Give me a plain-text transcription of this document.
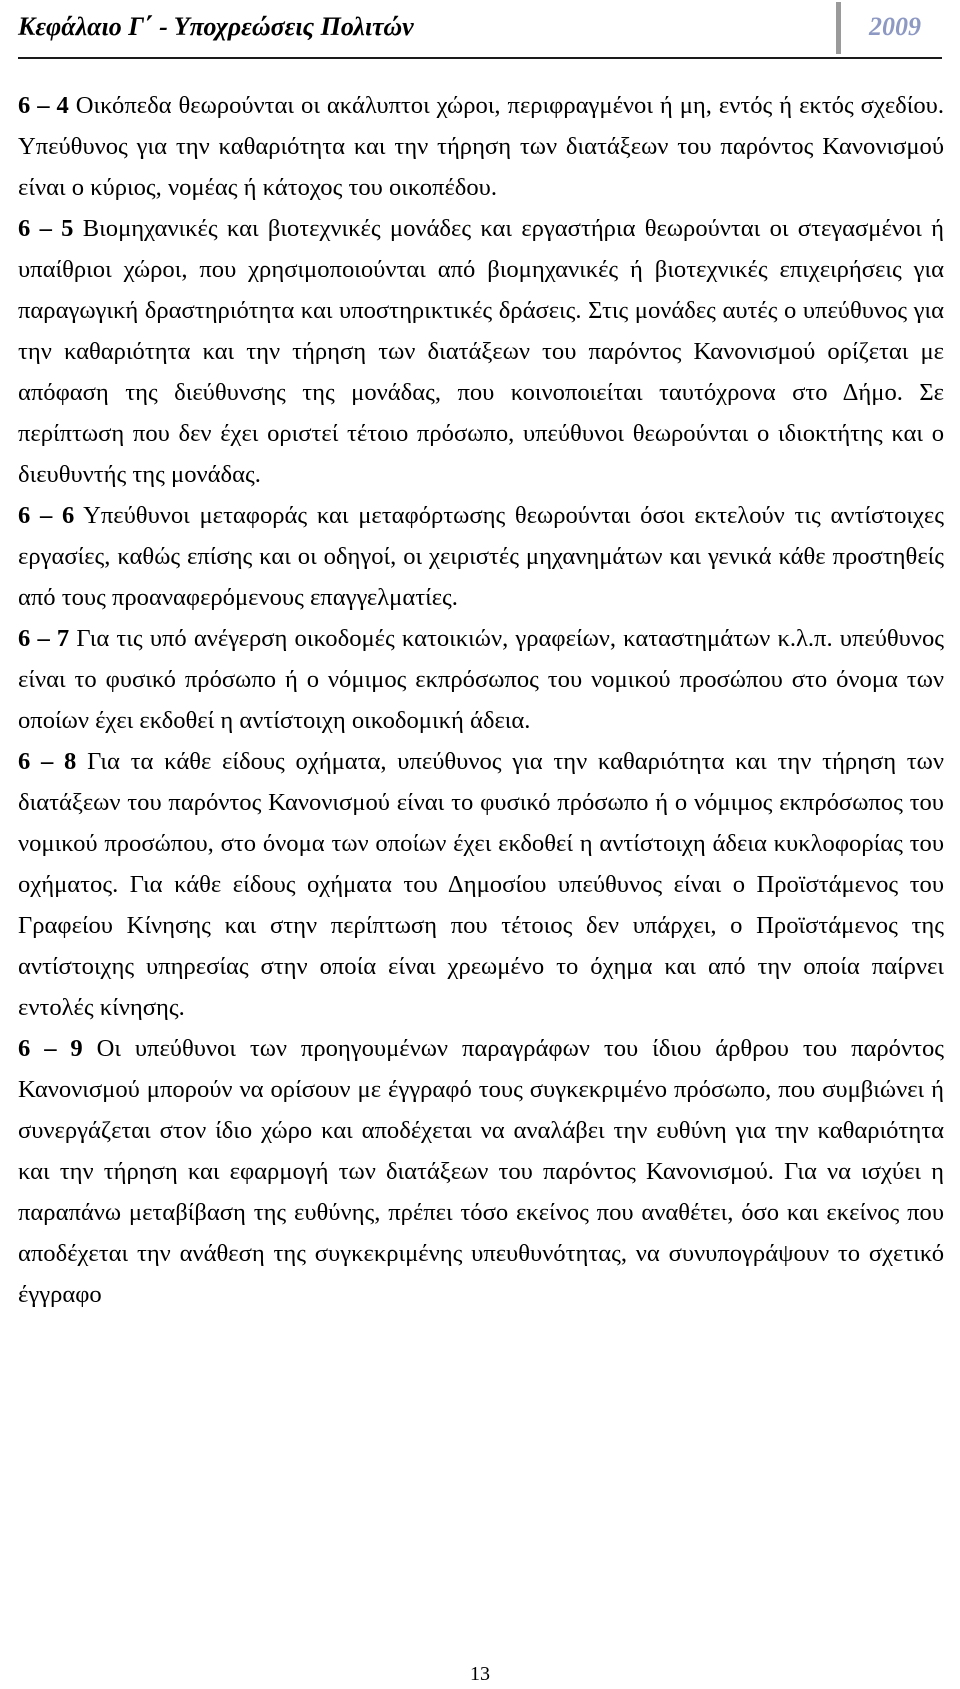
Κεφάλαιο Γ΄ - Υποχρεώσεις Πολιτών	2009

6 – 4 Οικόπεδα θεωρούνται οι ακάλυπτοι χώροι, περιφραγμένοι ή μη, εντός ή εκτός σχεδίου. Υπεύθυνος για την καθαριότητα και την τήρηση των διατάξεων του παρόντος Κανονισμού είναι ο κύριος, νομέας ή κάτοχος του οικοπέδου.

6 – 5 Βιομηχανικές και βιοτεχνικές μονάδες και εργαστήρια θεωρούνται οι στεγασμένοι ή υπαίθριοι χώροι, που χρησιμοποιούνται από βιομηχανικές ή βιοτεχνικές επιχειρήσεις για παραγωγική δραστηριότητα και υποστηρικτικές δράσεις. Στις μονάδες αυτές ο υπεύθυνος για την καθαριότητα και την τήρηση των διατάξεων του παρόντος Κανονισμού ορίζεται με απόφαση της διεύθυνσης της μονάδας, που κοινοποιείται ταυτόχρονα στο Δήμο. Σε περίπτωση που δεν έχει οριστεί τέτοιο πρόσωπο, υπεύθυνοι θεωρούνται ο ιδιοκτήτης και ο διευθυντής της μονάδας.

6 – 6 Υπεύθυνοι μεταφοράς και μεταφόρτωσης θεωρούνται όσοι εκτελούν τις αντίστοιχες εργασίες, καθώς επίσης και οι οδηγοί, οι χειριστές μηχανημάτων και γενικά κάθε προστηθείς από τους προαναφερόμενους επαγγελματίες.

6 – 7 Για τις υπό ανέγερση οικοδομές κατοικιών, γραφείων, καταστημάτων κ.λ.π. υπεύθυνος είναι το φυσικό πρόσωπο ή ο νόμιμος εκπρόσωπος του νομικού προσώπου στο όνομα των οποίων έχει εκδοθεί η αντίστοιχη οικοδομική άδεια.

6 – 8 Για τα κάθε είδους οχήματα, υπεύθυνος για την καθαριότητα και την τήρηση των διατάξεων του παρόντος Κανονισμού είναι το φυσικό πρόσωπο ή ο νόμιμος εκπρόσωπος του νομικού προσώπου, στο όνομα των οποίων έχει εκδοθεί η αντίστοιχη άδεια κυκλοφορίας του οχήματος. Για κάθε είδους οχήματα του Δημοσίου υπεύθυνος είναι ο Προϊστάμενος του Γραφείου Κίνησης και στην περίπτωση που τέτοιος δεν υπάρχει, ο Προϊστάμενος της αντίστοιχης υπηρεσίας στην οποία είναι χρεωμένο το όχημα και από την οποία παίρνει εντολές κίνησης.

6 – 9 Οι υπεύθυνοι των προηγουμένων παραγράφων του ίδιου άρθρου του παρόντος Κανονισμού μπορούν να ορίσουν με έγγραφό τους συγκεκριμένο πρόσωπο, που συμβιώνει ή συνεργάζεται στον ίδιο χώρο και αποδέχεται να αναλάβει την ευθύνη για την καθαριότητα και την τήρηση και εφαρμογή των διατάξεων του παρόντος Κανονισμού. Για να ισχύει η παραπάνω μεταβίβαση της ευθύνης, πρέπει τόσο εκείνος που αναθέτει, όσο και εκείνος που αποδέχεται την ανάθεση της συγκεκριμένης υπευθυνότητας, να συνυπογράψουν το σχετικό έγγραφο

13
